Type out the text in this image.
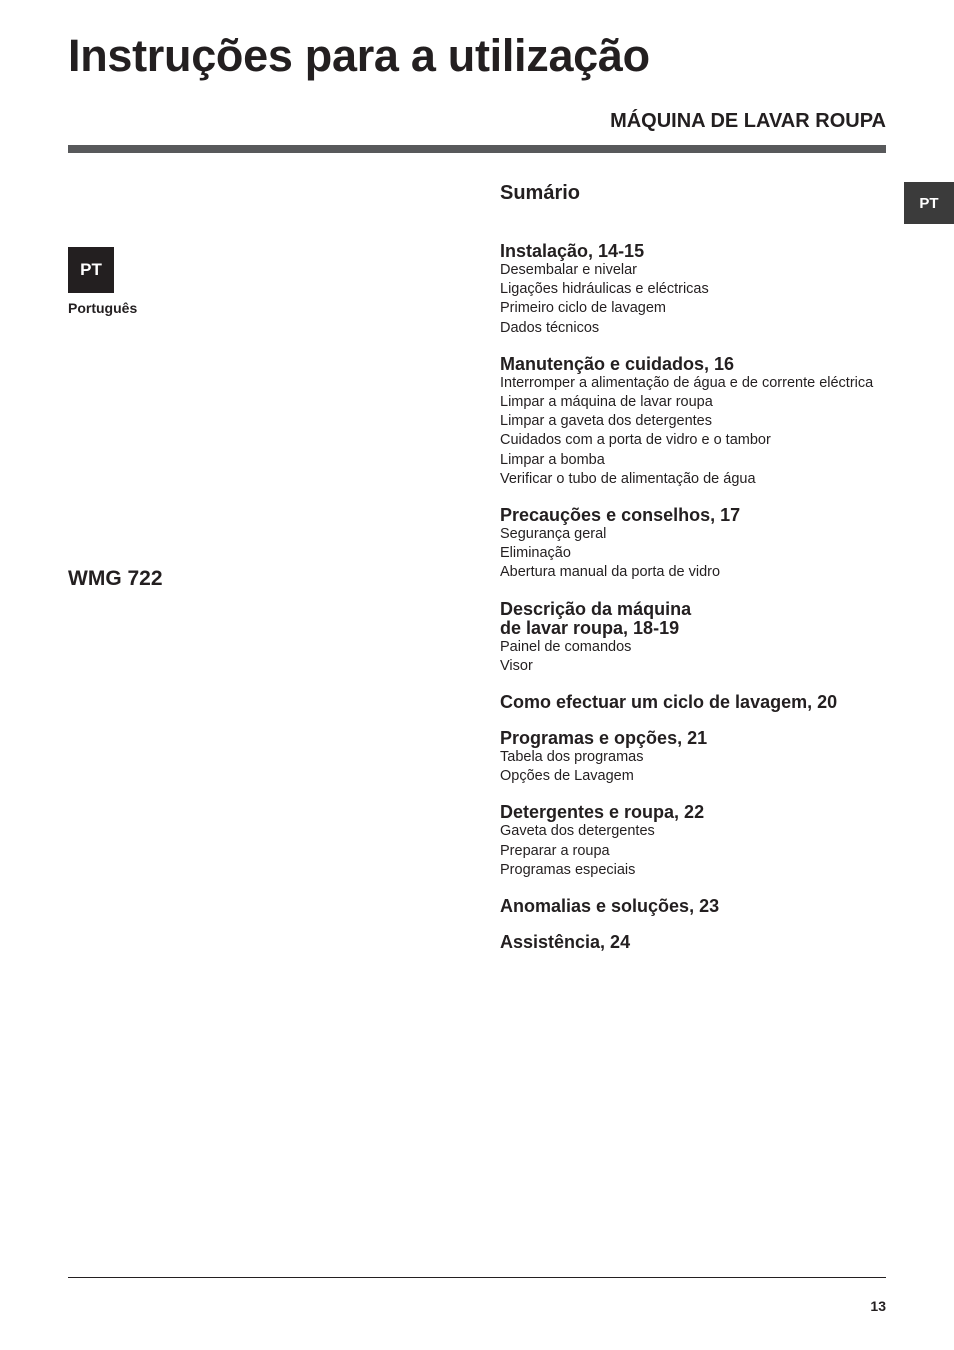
Instruções para a utilização
MÁQUINA DE LAVAR ROUPA
PT
PT
Português
WMG 722
Sumário
Instalação, 14-15
Desembalar e nivelar
Ligações hidráulicas e eléctricas
Primeiro ciclo de lavagem
Dados técnicos
Manutenção e cuidados, 16
Interromper a alimentação de água e de corrente eléctrica
Limpar a máquina de lavar roupa
Limpar a gaveta dos detergentes
Cuidados com a porta de vidro e o tambor
Limpar a bomba
Verificar o tubo de alimentação de água
Precauções e conselhos, 17
Segurança geral
Eliminação
Abertura manual da porta de vidro
Descrição da máquina
de lavar roupa, 18-19
Painel de comandos
Visor
Como efectuar um ciclo de lavagem, 20
Programas e opções, 21
Tabela dos programas
Opções de Lavagem
Detergentes e roupa, 22
Gaveta dos detergentes
Preparar a roupa
Programas especiais
Anomalias e soluções, 23
Assistência, 24
13
